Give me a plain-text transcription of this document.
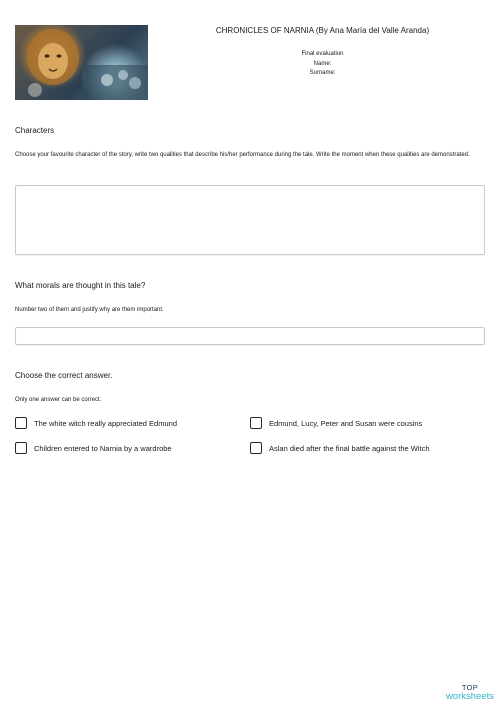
CHRONICLES OF NARNIA (By Ana María del Valle Aranda)
Final evaluation
Name:
Surname:
Characters
Choose your favourite character of the story, write two qualities that describe his/her performance during the tale. Write the moment when these qualities are demonstrated.
What morals are thought in this tale?
Number two of them and justify why are them important.
Choose the correct answer.
Only one answer can be correct.
The white witch really appreciated Edmund	Edmund, Lucy, Peter and Susan were cousins
Children entered to Narnia by a wardrobe	Aslan died after the final battle against the Witch
TOP
worksheets
